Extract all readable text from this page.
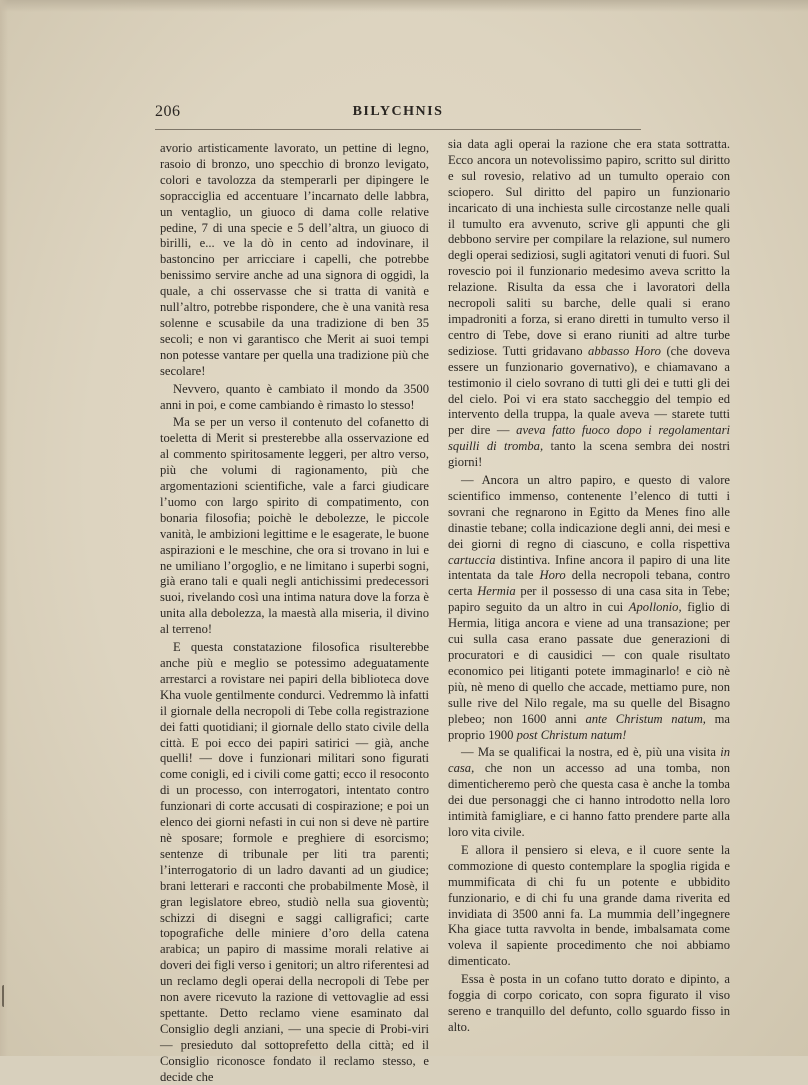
206	BILYCHNIS

avorio artisticamente lavorato, un pettine di legno, rasoio di bronzo, uno specchio di bronzo levigato, colori e tavolozza da stemperarli per dipingere le sopracciglia ed accentuare l’incarnato delle labbra, un ventaglio, un giuoco di dama colle relative pedine, 7 di una specie e 5 dell’altra, un giuoco di birilli, e... ve la dò in cento ad indovinare, il bastoncino per arricciare i capelli, che potrebbe benissimo servire anche ad una signora di oggidì, la quale, a chi osservasse che si tratta di vanità e null’altro, potrebbe rispondere, che è una vanità resa solenne e scusabile da una tradizione di ben 35 secoli; e non vi garantisco che Merit ai suoi tempi non potesse vantare per quella una tradizione più che secolare!

Nevvero, quanto è cambiato il mondo da 3500 anni in poi, e come cambiando è rimasto lo stesso!

Ma se per un verso il contenuto del cofanetto di toeletta di Merit si presterebbe alla osservazione ed al commento spiritosamente leggeri, per altro verso, più che volumi di ragionamento, più che argomentazioni scientifiche, vale a farci giudicare l’uomo con largo spirito di compatimento, con bonaria filosofia; poichè le debolezze, le piccole vanità, le ambizioni legittime e le esagerate, le buone aspirazioni e le meschine, che ora si trovano in lui e ne umiliano l’orgoglio, e ne limitano i superbi sogni, già erano tali e quali negli antichissimi predecessori suoi, rivelando così una intima natura dove la forza è unita alla debolezza, la maestà alla miseria, il divino al terreno!

E questa constatazione filosofica risulterebbe anche più e meglio se potessimo adeguatamente arrestarci a rovistare nei papiri della biblioteca dove Kha vuole gentilmente condurci. Vedremmo là infatti il giornale della necropoli di Tebe colla registrazione dei fatti quotidiani; il giornale dello stato civile della città. E poi ecco dei papiri satirici — già, anche quelli! — dove i funzionari militari sono figurati come conigli, ed i civili come gatti; ecco il resoconto di un processo, con interrogatori, intentato contro funzionari di corte accusati di cospirazione; e poi un elenco dei giorni nefasti in cui non si deve nè partire nè sposare; formole e preghiere di esorcismo; sentenze di tribunale per liti tra parenti; l’interrogatorio di un ladro davanti ad un giudice; brani letterari e racconti che probabilmente Mosè, il gran legislatore ebreo, studiò nella sua gioventù; schizzi di disegni e saggi calligrafici; carte topografiche delle miniere d’oro della catena arabica; un papiro di massime morali relative ai doveri dei figli verso i genitori; un altro riferentesi ad un reclamo degli operai della necropoli di Tebe per non avere ricevuto la razione di vettovaglie ad essi spettante. Detto reclamo viene esaminato dal Consiglio degli anziani, — una specie di Probi-viri — presieduto dal sottoprefetto della città; ed il Consiglio riconosce fondato il reclamo stesso, e decide che

sia data agli operai la razione che era stata sottratta. Ecco ancora un notevolissimo papiro, scritto sul diritto e sul rovesio, relativo ad un tumulto operaio con sciopero. Sul diritto del papiro un funzionario incaricato di una inchiesta sulle circostanze nelle quali il tumulto era avvenuto, scrive gli appunti che gli debbono servire per compilare la relazione, sul numero degli operai sediziosi, sugli agitatori venuti di fuori. Sul rovescio poi il funzionario medesimo aveva scritto la relazione. Risulta da essa che i lavoratori della necropoli saliti su barche, delle quali si erano impadroniti a forza, si erano diretti in tumulto verso il centro di Tebe, dove si erano riuniti ad altre turbe sediziose. Tutti gridavano abbasso Horo (che doveva essere un funzionario governativo), e chiamavano a testimonio il cielo sovrano di tutti gli dei e tutti gli dei del cielo. Poi vi era stato saccheggio del tempio ed intervento della truppa, la quale aveva — starete tutti per dire — aveva fatto fuoco dopo i regolamentari squilli di tromba, tanto la scena sembra dei nostri giorni!

— Ancora un altro papiro, e questo di valore scientifico immenso, contenente l’elenco di tutti i sovrani che regnarono in Egitto da Menes fino alle dinastie tebane; colla indicazione degli anni, dei mesi e dei giorni di regno di ciascuno, e colla rispettiva cartuccia distintiva. Infine ancora il papiro di una lite intentata da tale Horo della necropoli tebana, contro certa Hermia per il possesso di una casa sita in Tebe; papiro seguito da un altro in cui Apollonio, figlio di Hermia, litiga ancora e viene ad una transazione; per cui sulla casa erano passate due generazioni di procuratori e di causidici — con quale risultato economico pei litiganti potete immaginarlo! e ciò nè più, nè meno di quello che accade, mettiamo pure, non sulle rive del Nilo regale, ma su quelle del Bisagno plebeo; non 1600 anni ante Christum natum, ma proprio 1900 post Christum natum!

— Ma se qualificai la nostra, ed è, più una visita in casa, che non un accesso ad una tomba, non dimenticheremo però che questa casa è anche la tomba dei due personaggi che ci hanno introdotto nella loro intimità famigliare, e ci hanno fatto prendere parte alla loro vita civile.

E allora il pensiero si eleva, e il cuore sente la commozione di questo contemplare la spoglia rigida e mummificata di chi fu un potente e ubbidito funzionario, e di chi fu una grande dama riverita ed invidiata di 3500 anni fa. La mummia dell’ingegnere Kha giace tutta ravvolta in bende, imbalsamata come voleva il sapiente procedimento che noi abbiamo dimenticato.

Essa è posta in un cofano tutto dorato e dipinto, a foggia di corpo coricato, con sopra figurato il viso sereno e tranquillo del defunto, collo sguardo fisso in alto.
